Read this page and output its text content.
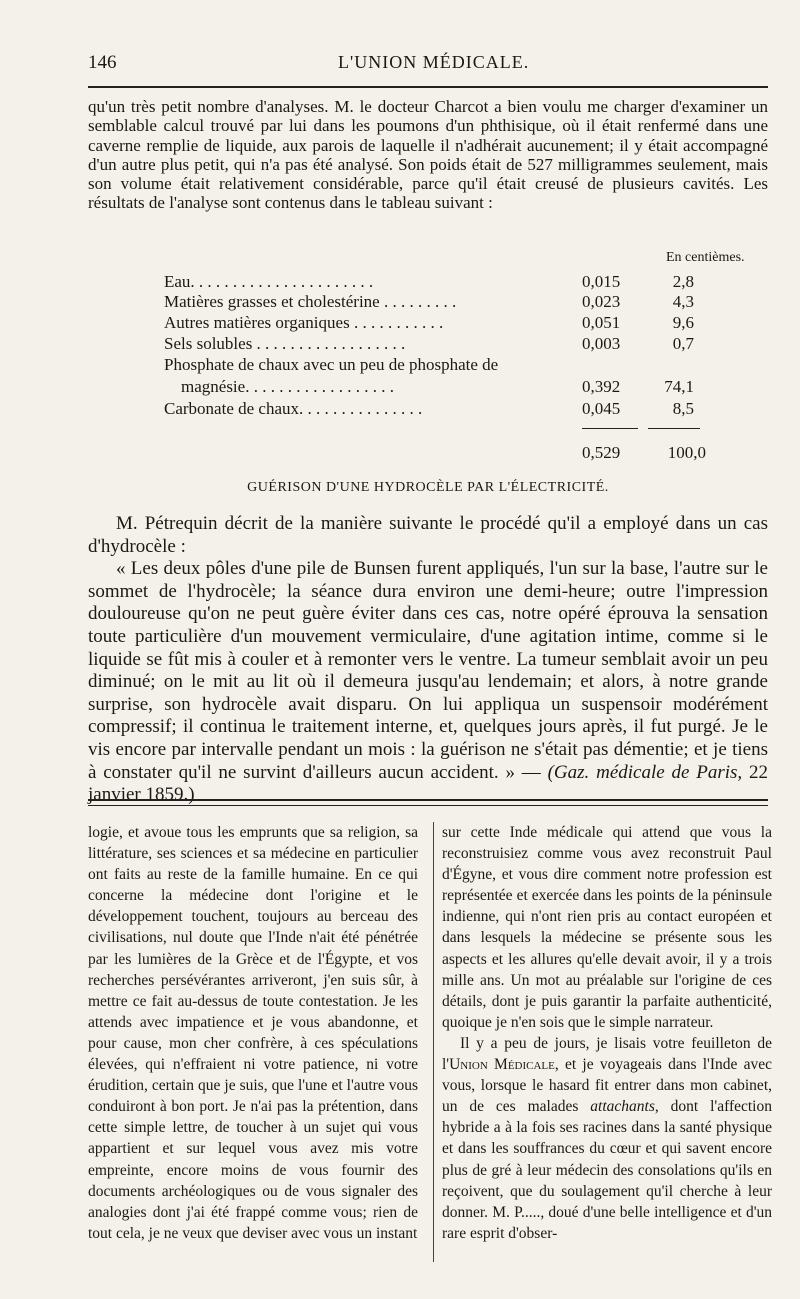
146	L'UNION MÉDICALE.

qu'un très petit nombre d'analyses. M. le docteur Charcot a bien voulu me charger d'examiner un semblable calcul trouvé par lui dans les poumons d'un phthisique, où il était renfermé dans une caverne remplie de liquide, aux parois de laquelle il n'adhérait aucunement; il y était accompagné d'un autre plus petit, qui n'a pas été analysé. Son poids était de 527 milligrammes seulement, mais son volume était relativement considérable, parce qu'il était creusé de plusieurs cavités. Les résultats de l'analyse sont contenus dans le tableau suivant :

En centièmes.
Eau. . . . . . . . . . . . . . . . . . . . . .	0,015	2,8
Matières grasses et cholestérine . . . . . . . . .	0,023	4,3
Autres matières organiques . . . . . . . . . . .	0,051	9,6
Sels solubles . . . . . . . . . . . . . . . . . .	0,003	0,7
Phosphate de chaux avec un peu de phosphate de
magnésie. . . . . . . . . . . . . . . . . .	0,392	74,1
Carbonate de chaux. . . . . . . . . . . . . . .	0,045	8,5
0,529	100,0
GUÉRISON D'UNE HYDROCÈLE PAR L'ÉLECTRICITÉ.

M. Pétrequin décrit de la manière suivante le procédé qu'il a employé dans un cas d'hydrocèle :

« Les deux pôles d'une pile de Bunsen furent appliqués, l'un sur la base, l'autre sur le sommet de l'hydrocèle; la séance dura environ une demi-heure; outre l'impression douloureuse qu'on ne peut guère éviter dans ces cas, notre opéré éprouva la sensation toute particulière d'un mouvement vermiculaire, d'une agitation intime, comme si le liquide se fût mis à couler et à remonter vers le ventre. La tumeur semblait avoir un peu diminué; on le mit au lit où il demeura jusqu'au lendemain; et alors, à notre grande surprise, son hydrocèle avait disparu. On lui appliqua un suspensoir modérément compressif; il continua le traitement interne, et, quelques jours après, il fut purgé. Je le vis encore par intervalle pendant un mois : la guérison ne s'était pas démentie; et je tiens à constater qu'il ne survint d'ailleurs aucun accident. » — (Gaz. médicale de Paris, 22 janvier 1859.)

logie, et avoue tous les emprunts que sa religion, sa littérature, ses sciences et sa médecine en particulier ont faits au reste de la famille humaine. En ce qui concerne la médecine dont l'origine et le développement touchent, toujours au berceau des civilisations, nul doute que l'Inde n'ait été pénétrée par les lumières de la Grèce et de l'Égypte, et vos recherches persévérantes arriveront, j'en suis sûr, à mettre ce fait au-dessus de toute contestation. Je les attends avec impatience et je vous abandonne, et pour cause, mon cher confrère, à ces spéculations élevées, qui n'effraient ni votre patience, ni votre érudition, certain que je suis, que l'une et l'autre vous conduiront à bon port. Je n'ai pas la prétention, dans cette simple lettre, de toucher à un sujet qui vous appartient et sur lequel vous avez mis votre empreinte, encore moins de vous fournir des documents archéologiques ou de vous signaler des analogies dont j'ai été frappé comme vous; rien de tout cela, je ne veux que deviser avec vous un instant

sur cette Inde médicale qui attend que vous la reconstruisiez comme vous avez reconstruit Paul d'Égyne, et vous dire comment notre profession est représentée et exercée dans les points de la péninsule indienne, qui n'ont rien pris au contact européen et dans lesquels la médecine se présente sous les aspects et les allures qu'elle devait avoir, il y a trois mille ans. Un mot au préalable sur l'origine de ces détails, dont je puis garantir la parfaite authenticité, quoique je n'en sois que le simple narrateur.

Il y a peu de jours, je lisais votre feuilleton de l'Union Médicale, et je voyageais dans l'Inde avec vous, lorsque le hasard fit entrer dans mon cabinet, un de ces malades attachants, dont l'affection hybride a à la fois ses racines dans la santé physique et dans les souffrances du cœur et qui savent encore plus de gré à leur médecin des consolations qu'ils en reçoivent, que du soulagement qu'il cherche à leur donner. M. P....., doué d'une belle intelligence et d'un rare esprit d'obser-
